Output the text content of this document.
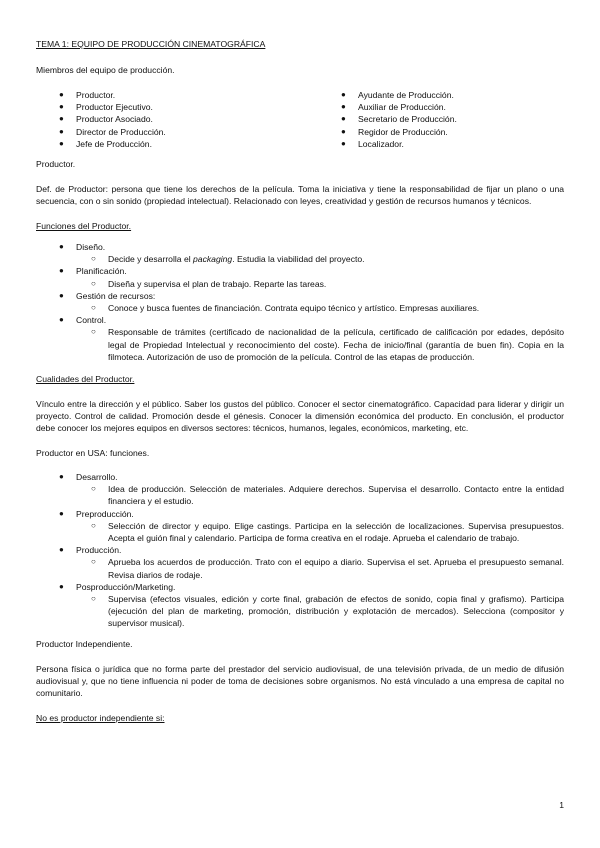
TEMA 1: EQUIPO DE PRODUCCIÓN CINEMATOGRÁFICA

Miembros del equipo de producción.

● Productor.
● Productor Ejecutivo.
● Productor Asociado.
● Director de Producción.
● Jefe de Producción.
● Ayudante de Producción.
● Auxiliar de Producción.
● Secretario de Producción.
● Regidor de Producción.
● Localizador.

Productor.

Def. de Productor: persona que tiene los derechos de la película. Toma la iniciativa y tiene la responsabilidad de fijar un plano o una secuencia, con o sin sonido (propiedad intelectual). Relacionado con leyes, creatividad y gestión de recursos humanos y técnicos.

Funciones del Productor.

● Diseño.
○ Decide y desarrolla el packaging. Estudia la viabilidad del proyecto.
● Planificación.
○ Diseña y supervisa el plan de trabajo. Reparte las tareas.
● Gestión de recursos:
○ Conoce y busca fuentes de financiación. Contrata equipo técnico y artístico. Empresas auxiliares.
● Control.
○ Responsable de trámites (certificado de nacionalidad de la película, certificado de calificación por edades, depósito legal de Propiedad Intelectual y reconocimiento del coste). Fecha de inicio/final (garantía de buen fin). Copia en la filmoteca. Autorización de uso de promoción de la película. Control de las etapas de producción.

Cualidades del Productor.

Vínculo entre la dirección y el público. Saber los gustos del público. Conocer el sector cinematográfico. Capacidad para liderar y dirigir un proyecto. Control de calidad. Promoción desde el génesis. Conocer la dimensión económica del producto. En conclusión, el productor debe conocer los mejores equipos en diversos sectores: técnicos, humanos, legales, económicos, marketing, etc.

Productor en USA: funciones.

● Desarrollo.
○ Idea de producción. Selección de materiales. Adquiere derechos. Supervisa el desarrollo. Contacto entre la entidad financiera y el estudio.
● Preproducción.
○ Selección de director y equipo. Elige castings. Participa en la selección de localizaciones. Supervisa presupuestos. Acepta el guión final y calendario. Participa de forma creativa en el rodaje. Aprueba el calendario de trabajo.
● Producción.
○ Aprueba los acuerdos de producción. Trato con el equipo a diario. Supervisa el set. Aprueba el presupuesto semanal. Revisa diarios de rodaje.
● Posproducción/Marketing.
○ Supervisa (efectos visuales, edición y corte final, grabación de efectos de sonido, copia final y grafismo). Participa (ejecución del plan de marketing, promoción, distribución y explotación de mercados). Selecciona (compositor y supervisor musical).

Productor Independiente.

Persona física o jurídica que no forma parte del prestador del servicio audiovisual, de una televisión privada, de un medio de difusión audiovisual y, que no tiene influencia ni poder de toma de decisiones sobre organismos. No está vinculado a una empresa de capital no comunitario.

No es productor independiente si:

1
